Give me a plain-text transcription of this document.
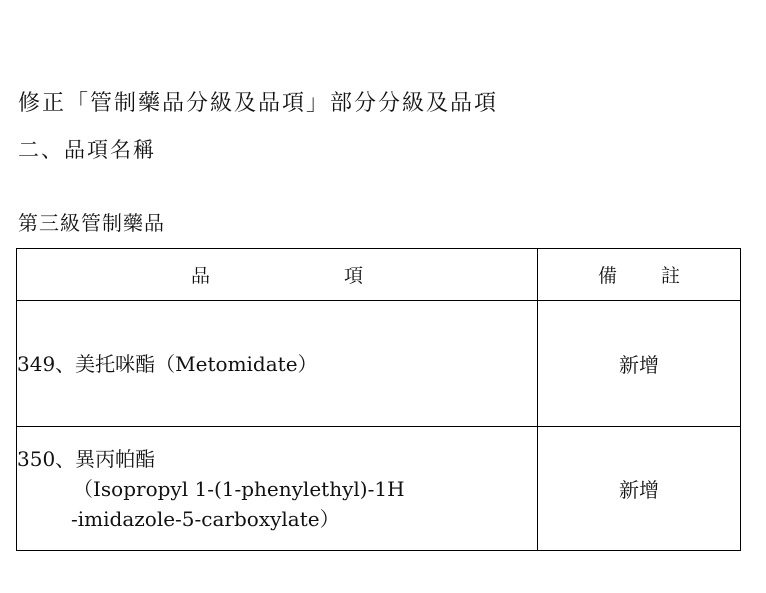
修正「管制藥品分級及品項」部分分級及品項
二、品項名稱
第三級管制藥品
品 項	備 註

349、美托咪酯（Metomidate）	新增

350、異丙帕酯
（Isopropyl 1-(1-phenylethyl)-1H
-imidazole-5-carboxylate）	新增
